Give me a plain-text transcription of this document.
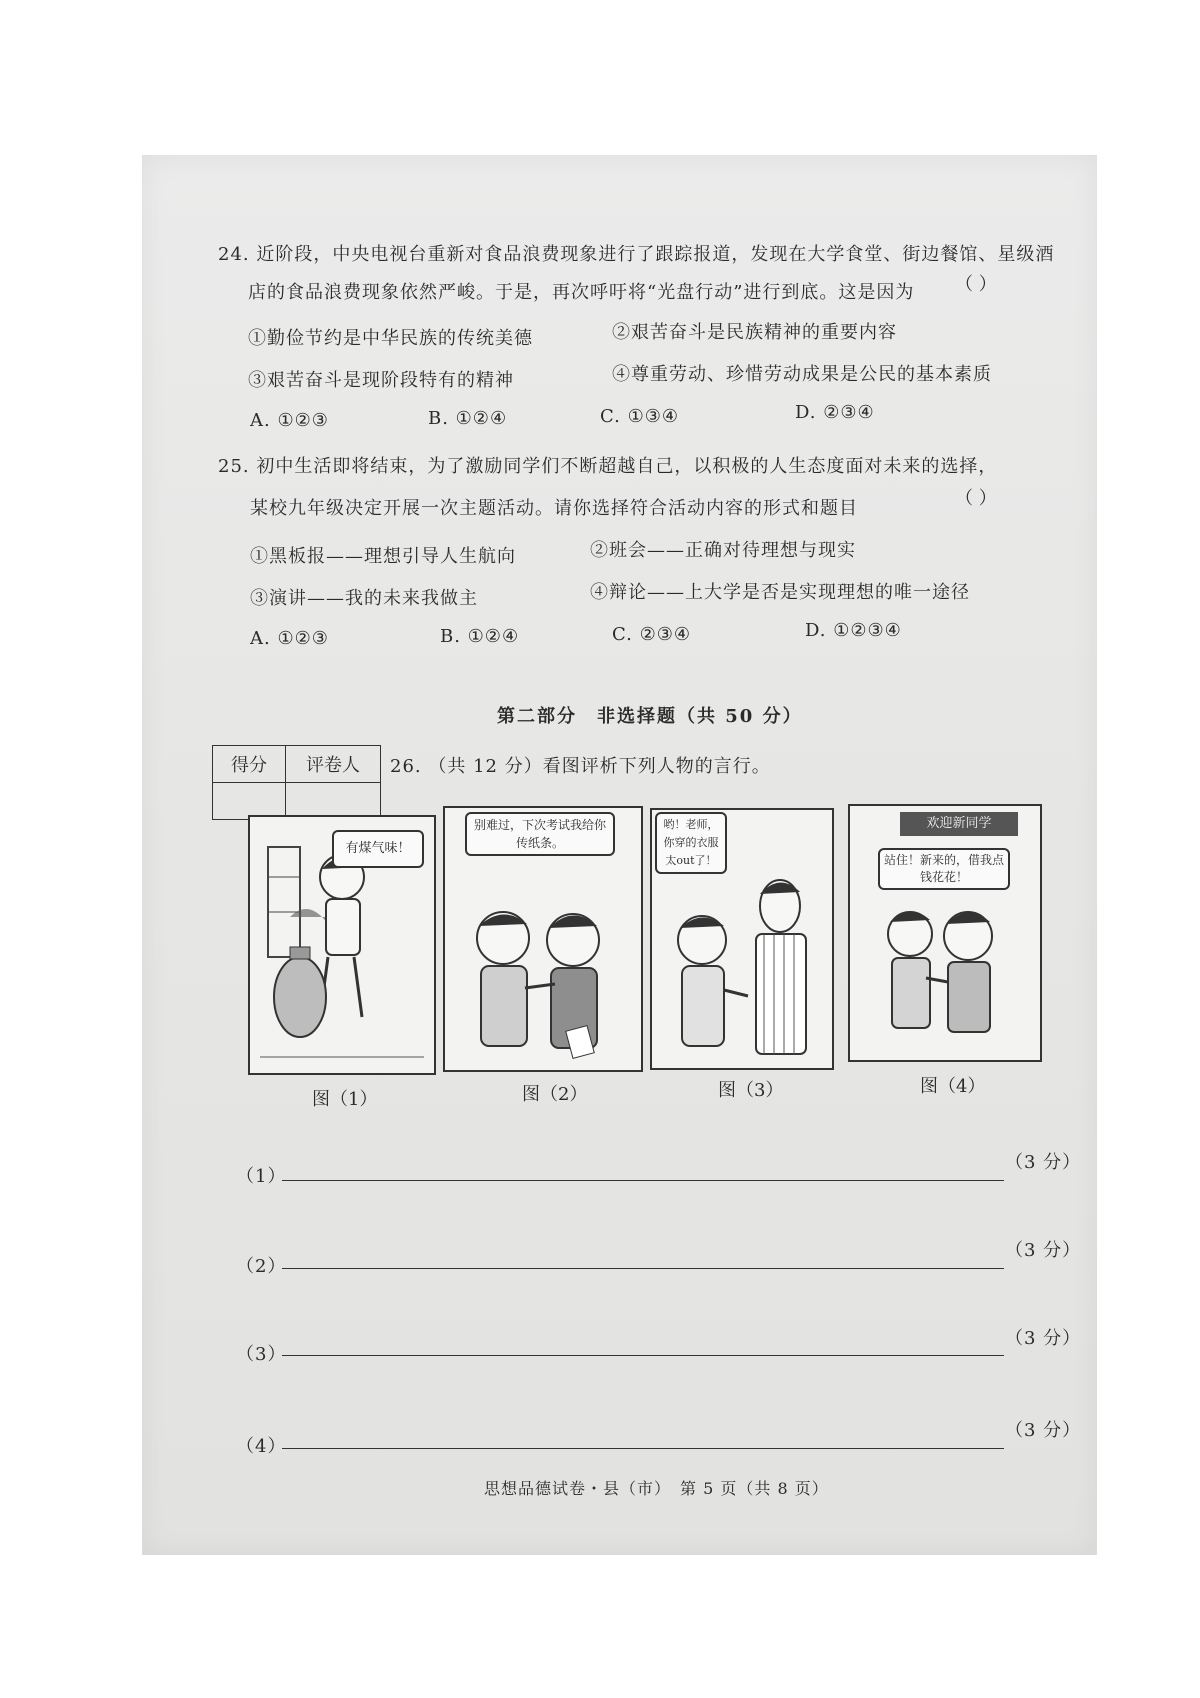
24. 近阶段，中央电视台重新对食品浪费现象进行了跟踪报道，发现在大学食堂、街边餐馆、星级酒
店的食品浪费现象依然严峻。于是，再次呼吁将“光盘行动”进行到底。这是因为 （ ）
①勤俭节约是中华民族的传统美德	②艰苦奋斗是民族精神的重要内容
③艰苦奋斗是现阶段特有的精神	④尊重劳动、珍惜劳动成果是公民的基本素质
A. ①②③	B. ①②④	C. ①③④	D. ②③④
25. 初中生活即将结束，为了激励同学们不断超越自己，以积极的人生态度面对未来的选择，
某校九年级决定开展一次主题活动。请你选择符合活动内容的形式和题目	（ ）
①黑板报——理想引导人生航向	②班会——正确对待理想与现实
③演讲——我的未来我做主	④辩论——上大学是否是实现理想的唯一途径
A. ①②③	B. ①②④	C. ②③④	D. ①②③④
第二部分　非选择题（共 50 分）
得分	评卷人
	26. （共 12 分）看图评析下列人物的言行。
有煤气味！
别难过，下次考试我给你传纸条。
哟！老师，你穿的衣服太out了！
欢迎新同学
站住！新来的，借我点钱花花！
图（1）	图（2）	图（3）	图（4）
（1）
（3 分）
（2）
（3 分）
（3）
（3 分）
（4）
（3 分）
思想品德试卷・县（市）　第 5 页（共 8 页）
